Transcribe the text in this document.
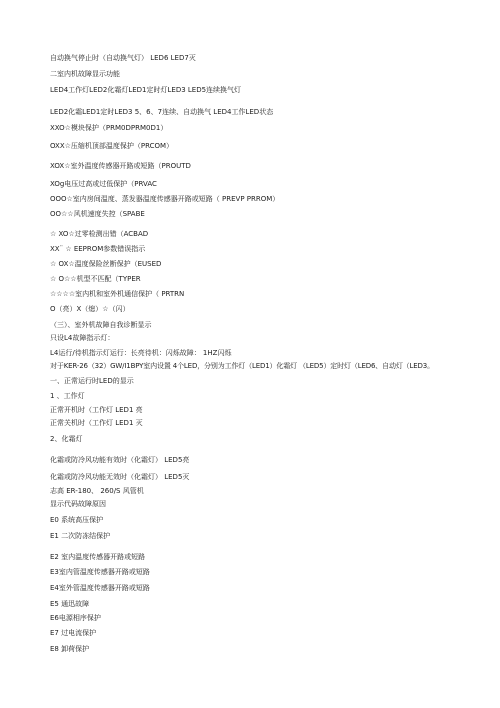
自动换气停止时（自动换气灯） LED6 LED7灭
二室内机故障显示功能
LED4工作灯LED2化霜灯LED1定时灯LED3 LED5连续换气灯
LED2化霜LED1定时LED3 5、6、7连续、自动换气 LED4工作LED状态
XXO☆模块保护（PRM0DPRM0D1）
OXX☆压缩机顶部温度保护（PRCOM）
XOX☆室外温度传感器开路或短路（PROUTD
XOg电压过高或过低保护（PRVAC
OOO☆室内房间温度、蒸发器温度传感器开路或短路（ PREVP PRROM）
OO☆☆风机速度失控（SPABE
☆ XO☆过零检测出错（ACBAD
XX¨ ☆ EEPROM参数错误指示
☆ OX☆温度保险丝断保护（EUSED
☆ O☆☆机型不匹配（TYPER
☆☆☆☆室内机和室外机通信保护（ PRTRN
O（亮）X（熄）☆（闪）
（三）、室外机故障自我诊断显示
只设L4故障指示灯：
L4运行/待机指示灯运行：长亮待机：闪烁故障： 1HZ闪烁
对于KER-26（32）GW/I1BPY室内设置 4个LED，分别为工作灯（LED1）化霜灯 （LED5）定时灯（LED6、自动灯（LED3。
一、正常运行时LED的显示
1 、工作灯
正常开机时（工作灯 LED1 亮
正常关机时（工作灯 LED1 灭
2、化霜灯
化霜或防冷风功能有效时（化霜灯） LED5亮
化霜或防冷风功能无效时（化霜灯） LED5灭
志高 ER-180、 260/S 风管机
显示代码故障原因
E0 系统高压保护
E1 二次防冻结保护
E2 室内温度传感器开路或短路
E3室内管温度传感器开路或短路
E4室外管温度传感器开路或短路
E5 通迅故障
E6电源相序保护
E7 过电流保护
E8 卸荷保护
